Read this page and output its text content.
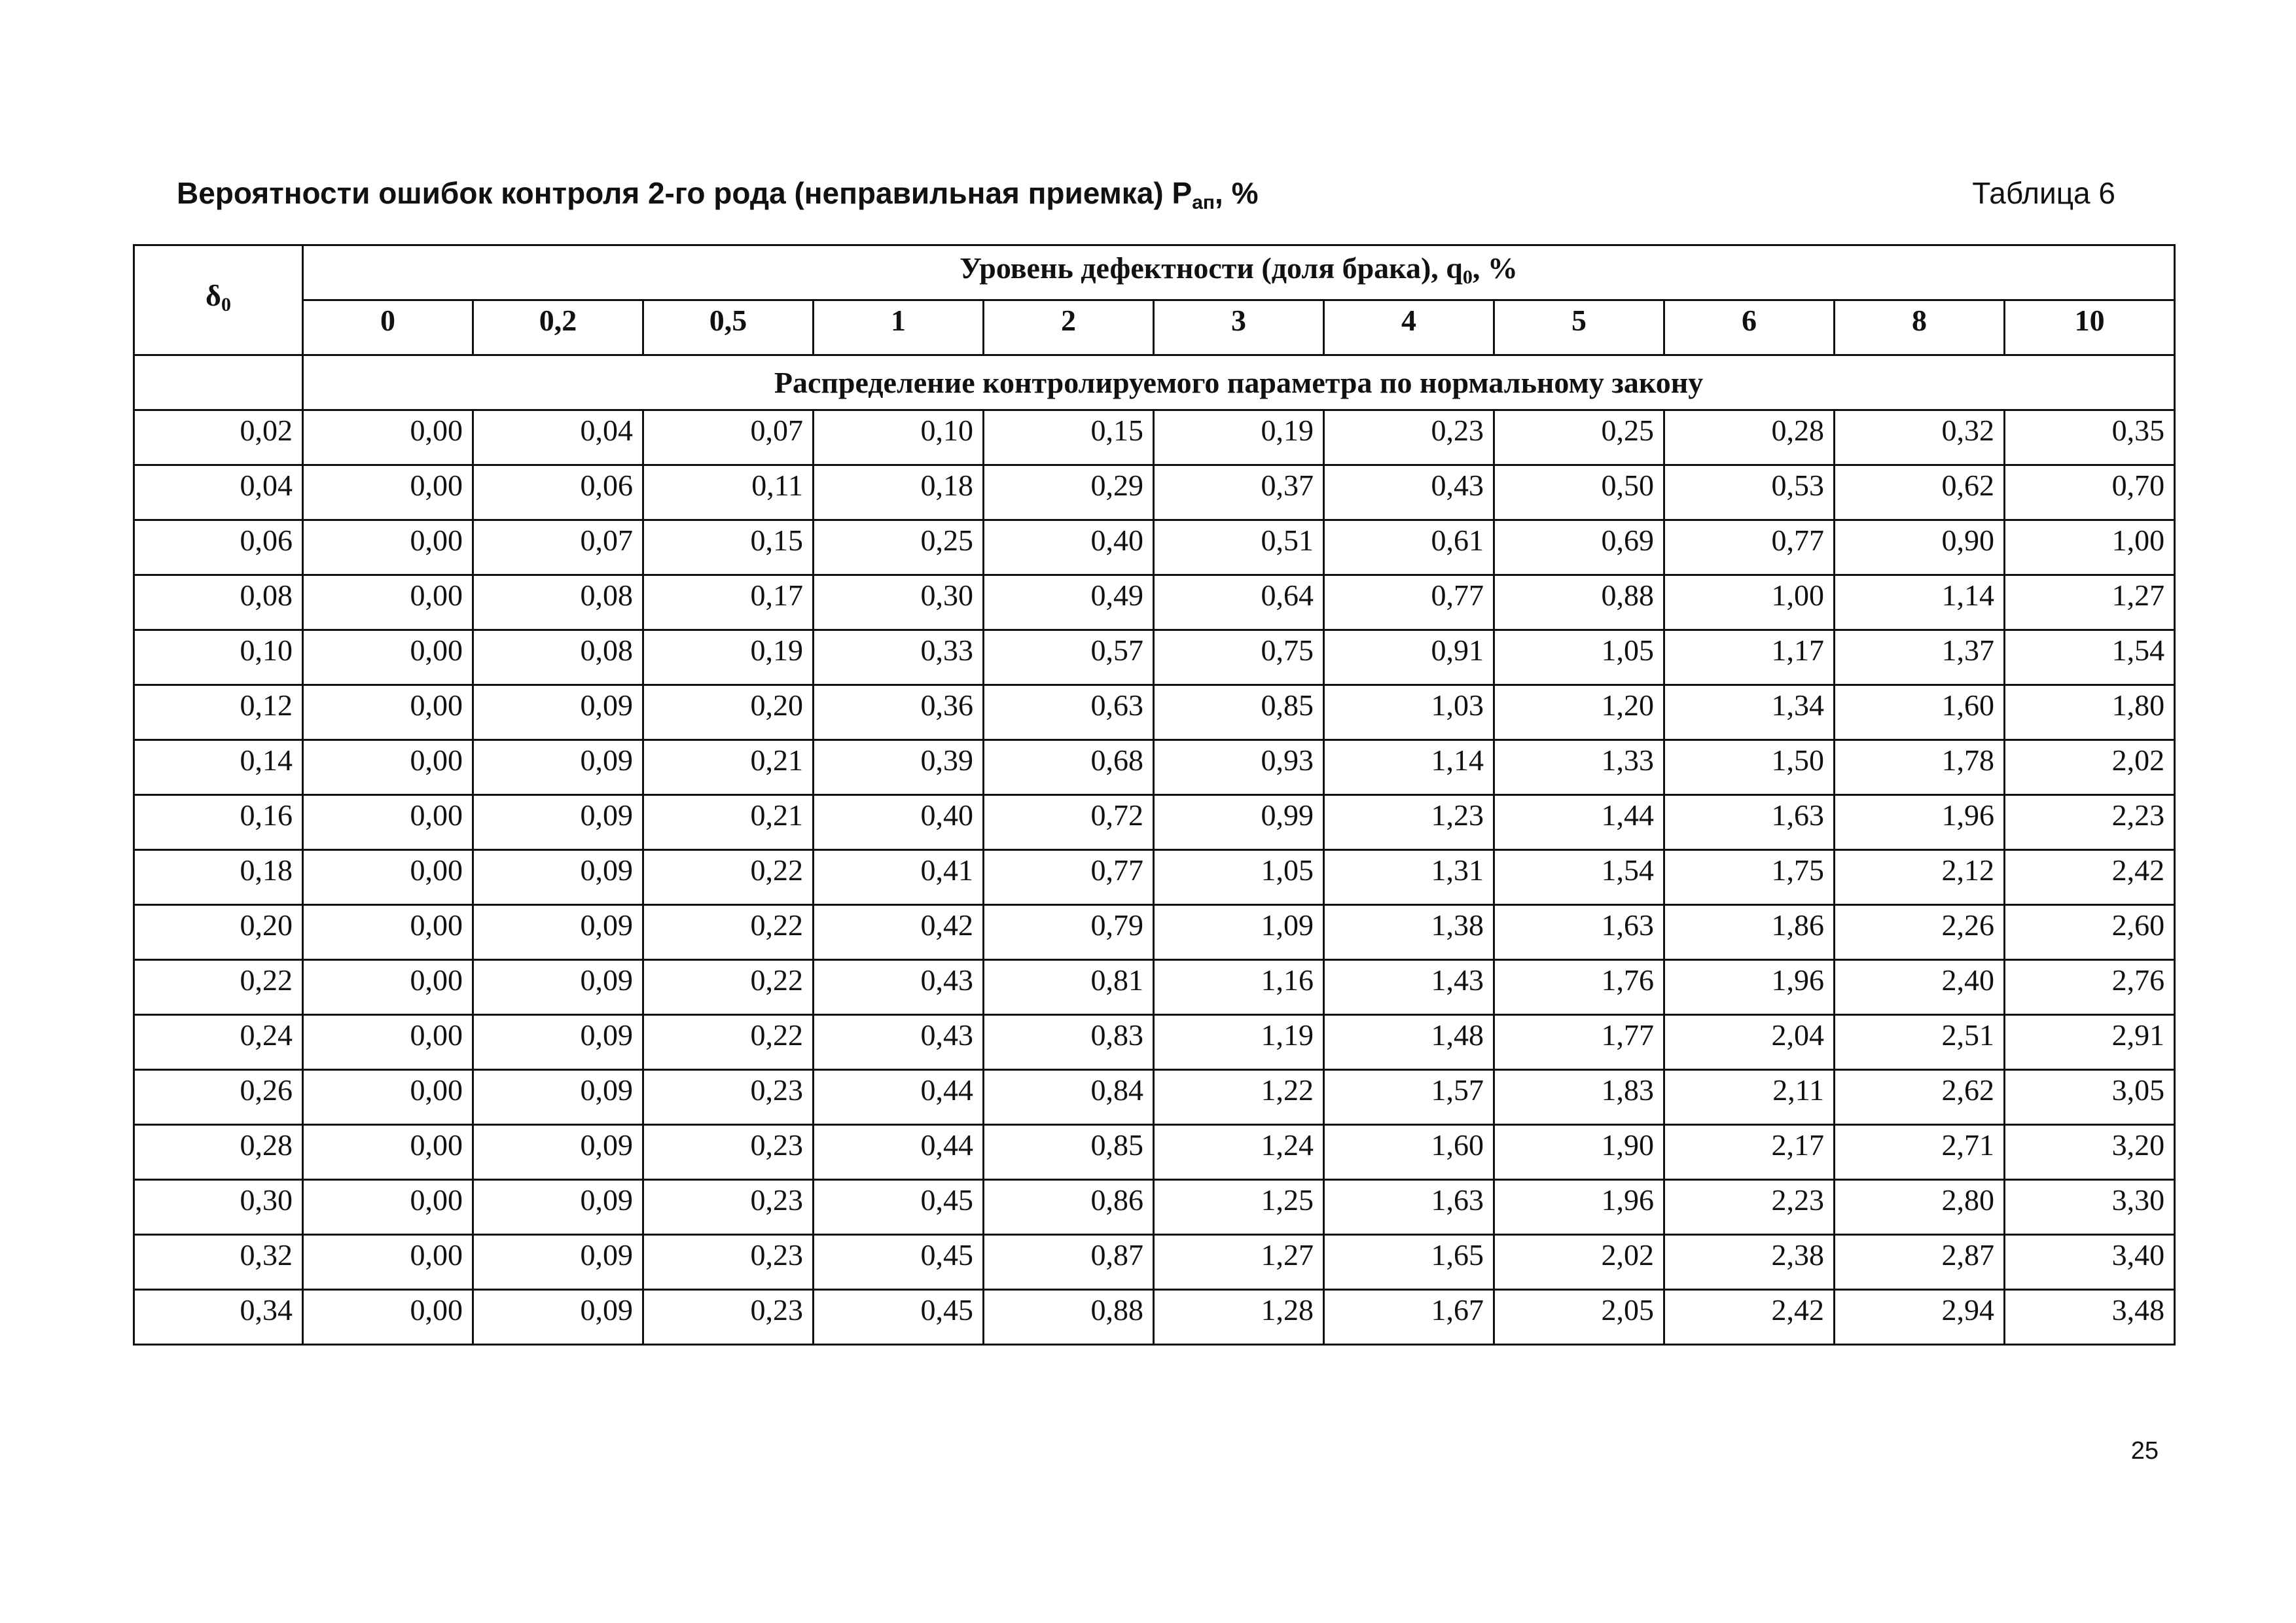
Вероятности ошибок контроля 2-го рода (неправильная приемка) $P_{ап}$, %	Таблица 6
δ0	Уровень дефектности (доля брака), q0, %										
	0	0,2	0,5	1	2	3	4	5	6	8	10
	Распределение контролируемого параметра по нормальному закону										
0,02	0,00	0,04	0,07	0,10	0,15	0,19	0,23	0,25	0,28	0,32	0,35
0,04	0,00	0,06	0,11	0,18	0,29	0,37	0,43	0,50	0,53	0,62	0,70
0,06	0,00	0,07	0,15	0,25	0,40	0,51	0,61	0,69	0,77	0,90	1,00
0,08	0,00	0,08	0,17	0,30	0,49	0,64	0,77	0,88	1,00	1,14	1,27
0,10	0,00	0,08	0,19	0,33	0,57	0,75	0,91	1,05	1,17	1,37	1,54
0,12	0,00	0,09	0,20	0,36	0,63	0,85	1,03	1,20	1,34	1,60	1,80
0,14	0,00	0,09	0,21	0,39	0,68	0,93	1,14	1,33	1,50	1,78	2,02
0,16	0,00	0,09	0,21	0,40	0,72	0,99	1,23	1,44	1,63	1,96	2,23
0,18	0,00	0,09	0,22	0,41	0,77	1,05	1,31	1,54	1,75	2,12	2,42
0,20	0,00	0,09	0,22	0,42	0,79	1,09	1,38	1,63	1,86	2,26	2,60
0,22	0,00	0,09	0,22	0,43	0,81	1,16	1,43	1,76	1,96	2,40	2,76
0,24	0,00	0,09	0,22	0,43	0,83	1,19	1,48	1,77	2,04	2,51	2,91
0,26	0,00	0,09	0,23	0,44	0,84	1,22	1,57	1,83	2,11	2,62	3,05
0,28	0,00	0,09	0,23	0,44	0,85	1,24	1,60	1,90	2,17	2,71	3,20
0,30	0,00	0,09	0,23	0,45	0,86	1,25	1,63	1,96	2,23	2,80	3,30
0,32	0,00	0,09	0,23	0,45	0,87	1,27	1,65	2,02	2,38	2,87	3,40
0,34	0,00	0,09	0,23	0,45	0,88	1,28	1,67	2,05	2,42	2,94	3,48
25
